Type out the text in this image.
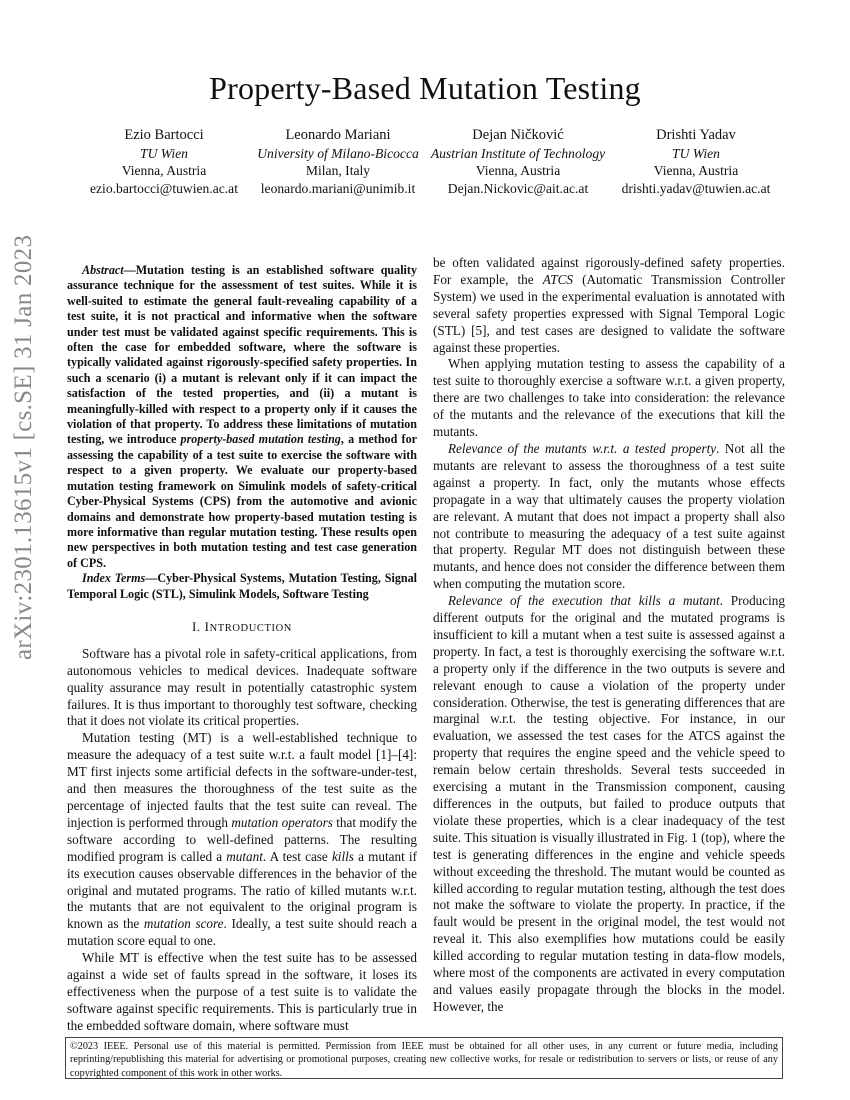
Property-Based Mutation Testing
Ezio Bartocci
TU Wien
Vienna, Austria
ezio.bartocci@tuwien.ac.at
Leonardo Mariani
University of Milano-Bicocca
Milan, Italy
leonardo.mariani@unimib.it
Dejan Ničković
Austrian Institute of Technology
Vienna, Austria
Dejan.Nickovic@ait.ac.at
Drishti Yadav
TU Wien
Vienna, Austria
drishti.yadav@tuwien.ac.at
arXiv:2301.13615v1 [cs.SE] 31 Jan 2023	Abstract—Mutation testing is an established software quality assurance technique for the assessment of test suites. While it is well-suited to estimate the general fault-revealing capability of a test suite, it is not practical and informative when the software under test must be validated against specific requirements. This is often the case for embedded software, where the software is typically validated against rigorously-specified safety properties. In such a scenario (i) a mutant is relevant only if it can impact the satisfaction of the tested properties, and (ii) a mutant is meaningfully-killed with respect to a property only if it causes the violation of that property. To address these limitations of mutation testing, we introduce property-based mutation testing, a method for assessing the capability of a test suite to exercise the software with respect to a given property. We evaluate our property-based mutation testing framework on Simulink models of safety-critical Cyber-Physical Systems (CPS) from the automotive and avionic domains and demonstrate how property-based mutation testing is more informative than regular mutation testing. These results open new perspectives in both mutation testing and test case generation of CPS.

Index Terms—Cyber-Physical Systems, Mutation Testing, Signal Temporal Logic (STL), Simulink Models, Software Testing

I. INTRODUCTION

Software has a pivotal role in safety-critical applications, from autonomous vehicles to medical devices. Inadequate software quality assurance may result in potentially catastrophic system failures. It is thus important to thoroughly test software, checking that it does not violate its critical properties.

Mutation testing (MT) is a well-established technique to measure the adequacy of a test suite w.r.t. a fault model [1]–[4]: MT first injects some artificial defects in the software-under-test, and then measures the thoroughness of the test suite as the percentage of injected faults that the test suite can reveal. The injection is performed through mutation operators that modify the software according to well-defined patterns. The resulting modified program is called a mutant. A test case kills a mutant if its execution causes observable differences in the behavior of the original and mutated programs. The ratio of killed mutants w.r.t. the mutants that are not equivalent to the original program is known as the mutation score. Ideally, a test suite should reach a mutation score equal to one.

While MT is effective when the test suite has to be assessed against a wide set of faults spread in the software, it loses its effectiveness when the purpose of a test suite is to validate the software against specific requirements. This is particularly true in the embedded software domain, where software must

be often validated against rigorously-defined safety properties. For example, the ATCS (Automatic Transmission Controller System) we used in the experimental evaluation is annotated with several safety properties expressed with Signal Temporal Logic (STL) [5], and test cases are designed to validate the software against these properties.

When applying mutation testing to assess the capability of a test suite to thoroughly exercise a software w.r.t. a given property, there are two challenges to take into consideration: the relevance of the mutants and the relevance of the executions that kill the mutants.

Relevance of the mutants w.r.t. a tested property. Not all the mutants are relevant to assess the thoroughness of a test suite against a property. In fact, only the mutants whose effects propagate in a way that ultimately causes the property violation are relevant. A mutant that does not impact a property shall also not contribute to measuring the adequacy of a test suite against that property. Regular MT does not distinguish between these mutants, and hence does not consider the difference between them when computing the mutation score.

Relevance of the execution that kills a mutant. Producing different outputs for the original and the mutated programs is insufficient to kill a mutant when a test suite is assessed against a property. In fact, a test is thoroughly exercising the software w.r.t. a property only if the difference in the two outputs is severe and relevant enough to cause a violation of the property under consideration. Otherwise, the test is generating differences that are marginal w.r.t. the testing objective. For instance, in our evaluation, we assessed the test cases for the ATCS against the property that requires the engine speed and the vehicle speed to remain below certain thresholds. Several tests succeeded in exercising a mutant in the Transmission component, causing differences in the outputs, but failed to produce outputs that violate these properties, which is a clear inadequacy of the test suite. This situation is visually illustrated in Fig. 1 (top), where the test is generating differences in the engine and vehicle speeds without exceeding the threshold. The mutant would be counted as killed according to regular mutation testing, although the test does not make the software to violate the property. In practice, if the fault would be present in the original model, the test would not reveal it. This also exemplifies how mutations could be easily killed according to regular mutation testing in data-flow models, where most of the components are activated in every computation and values easily propagate through the blocks in the model. However, the

©2023 IEEE. Personal use of this material is permitted. Permission from IEEE must be obtained for all other uses, in any current or future media, including reprinting/republishing this material for advertising or promotional purposes, creating new collective works, for resale or redistribution to servers or lists, or reuse of any copyrighted component of this work in other works.
